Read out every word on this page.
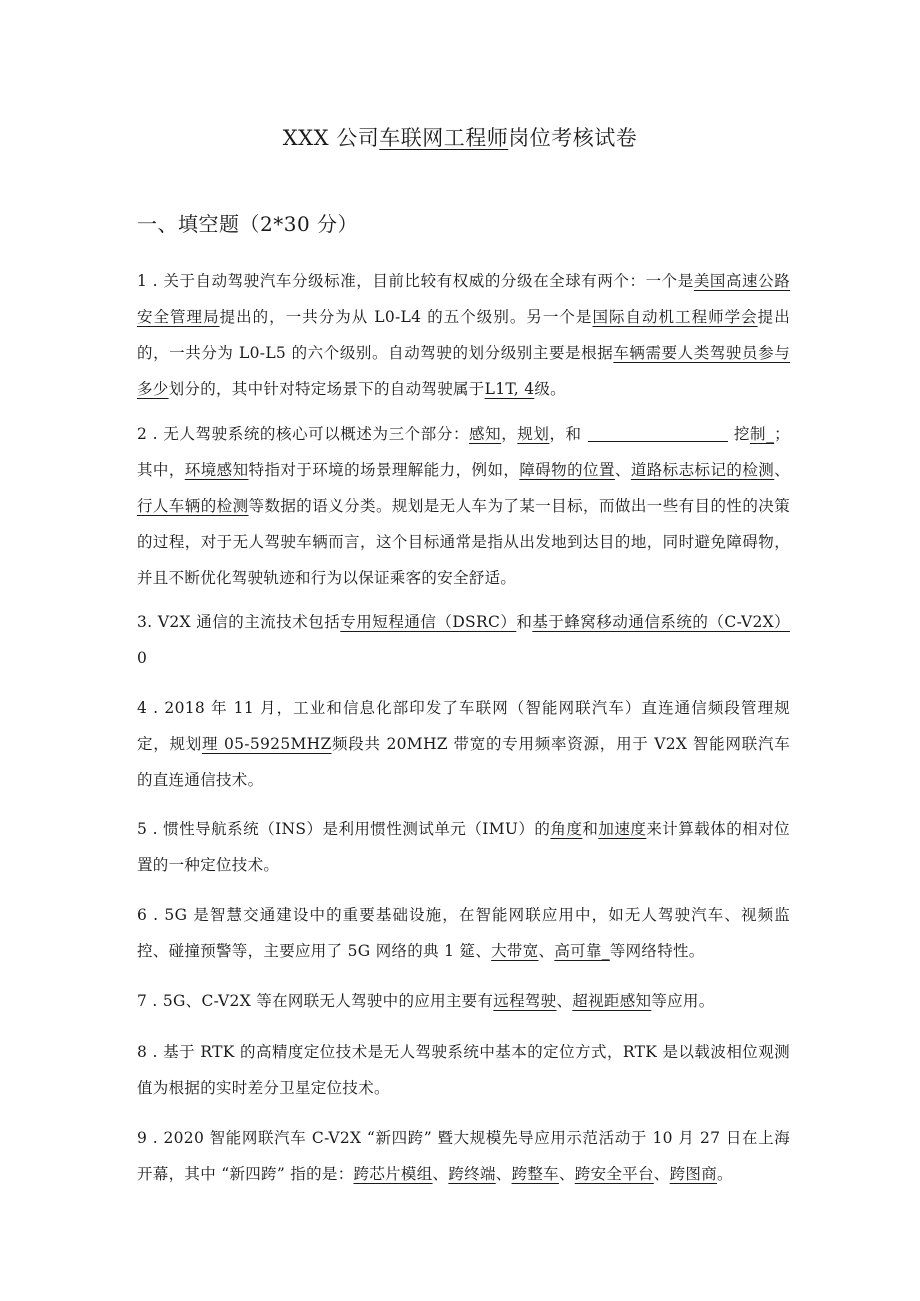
XXX 公司车联网工程师岗位考核试卷
一、填空题（2*30 分）
1 . 关于自动驾驶汽车分级标准，目前比较有权威的分级在全球有两个：一个是美国高速公路安全管理局提出的，一共分为从 L0-L4 的五个级别。另一个是国际自动机工程师学会提出的，一共分为 L0-L5 的六个级别。自动驾驶的划分级别主要是根据车辆需要人类驾驶员参与多少划分的，其中针对特定场景下的自动驾驶属于L1T, 4级。
2 . 无人驾驶系统的核心可以概述为三个部分：感知，规划，和	挖制_；其中，环境感知特指对于环境的场景理解能力，例如，障碍物的位置、道路标志标记的检测、行人车辆的检测等数据的语义分类。规划是无人车为了某一目标，而做出一些有目的性的决策的过程，对于无人驾驶车辆而言，这个目标通常是指从出发地到达目的地，同时避免障碍物，并且不断优化驾驶轨迹和行为以保证乘客的安全舒适。
3. V2X 通信的主流技术包括专用短程通信（DSRC）和基于蜂窝移动通信系统的（C-V2X）0
4 . 2018 年 11 月，工业和信息化部印发了车联网（智能网联汽车）直连通信频段管理规定，规划理 05-5925MHZ频段共 20MHZ 带宽的专用频率资源，用于 V2X 智能网联汽车的直连通信技术。
5 . 惯性导航系统（INS）是利用惯性测试单元（IMU）的角度和加速度来计算载体的相对位置的一种定位技术。
6 . 5G 是智慧交通建设中的重要基础设施，在智能网联应用中，如无人驾驶汽车、视频监控、碰撞预警等，主要应用了 5G 网络的典 1 筵、大带宽、高可靠_等网络特性。
7 . 5G、C-V2X 等在网联无人驾驶中的应用主要有远程驾驶、超视距感知等应用。
8 . 基于 RTK 的高精度定位技术是无人驾驶系统中基本的定位方式，RTK 是以载波相位观测值为根据的实时差分卫星定位技术。
9 . 2020 智能网联汽车 C-V2X “新四跨” 暨大规模先导应用示范活动于 10 月 27 日在上海开幕，其中 “新四跨” 指的是：跨芯片模组、跨终端、跨整车、跨安全平台、跨图商。
